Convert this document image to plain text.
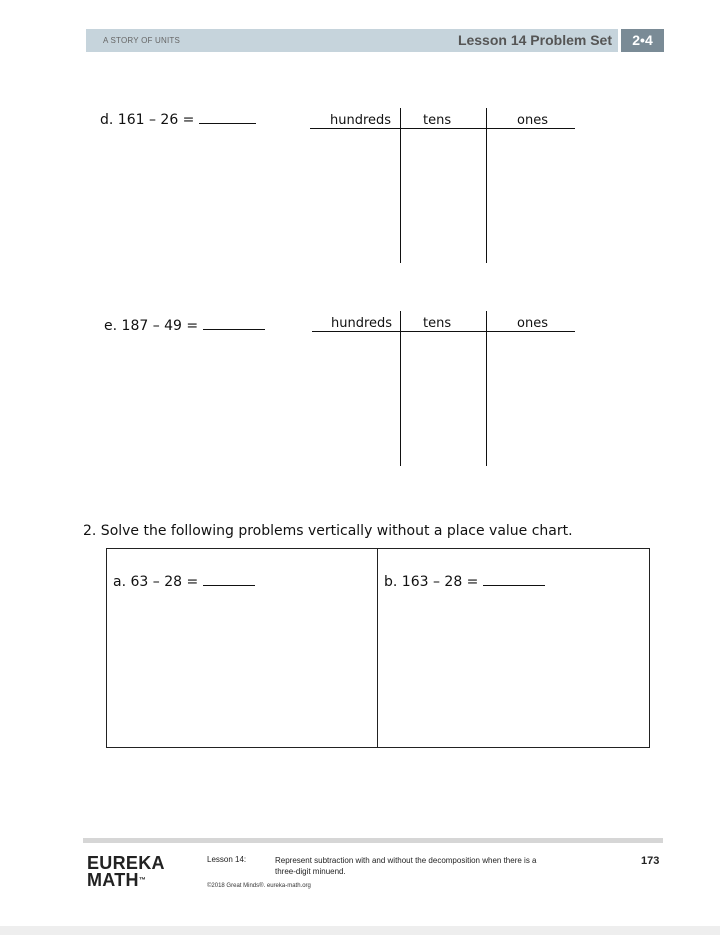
A STORY OF UNITS	Lesson 14 Problem Set	2•4
d. 161 – 26 =	hundreds tens	ones
e. 187 – 49 =	hundreds tens	ones
2. Solve the following problems vertically without a place value chart.
a. 63 – 28 =	b. 163 – 28 =
EUREKA
MATH™
Lesson 14:	Represent subtraction with and without the decomposition when there is a three-digit minuend.
©2018 Great Minds®. eureka-math.org
173
